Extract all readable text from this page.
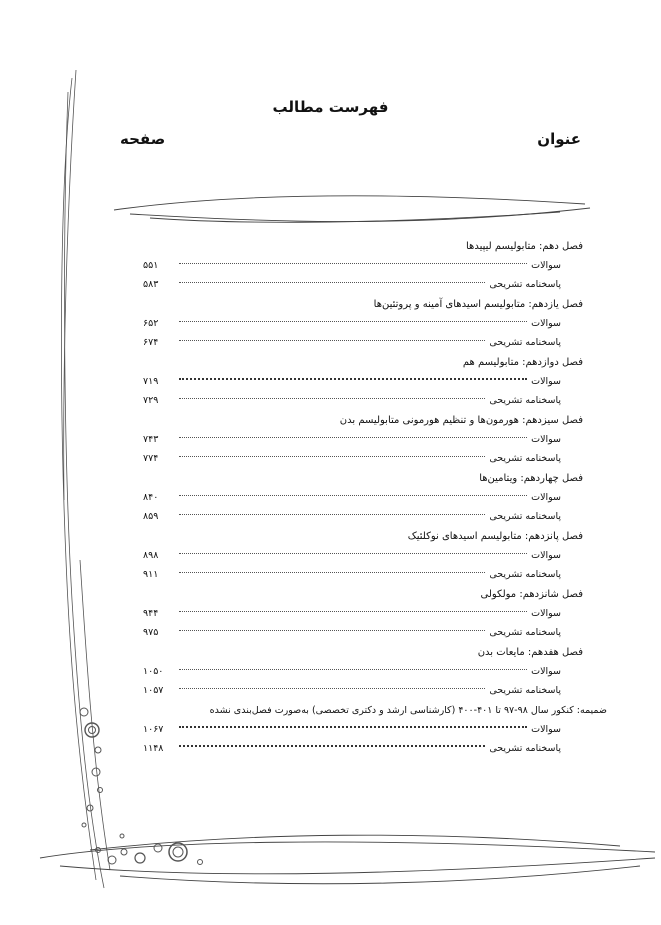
فهرست مطالب
عنوان
صفحه
فصل دهم: متابولیسم لیپیدها
سوالات
۵۵۱
پاسخنامه تشریحی
۵۸۳
فصل یازدهم: متابولیسم اسیدهای آمینه و پروتئین‌ها
سوالات
۶۵۲
پاسخنامه تشریحی
۶۷۴
فصل دوازدهم: متابولیسم هم
سوالات
۷۱۹
پاسخنامه تشریحی
۷۲۹
فصل سیزدهم: هورمون‌ها و تنظیم هورمونی متابولیسم بدن
سوالات
۷۴۳
پاسخنامه تشریحی
۷۷۴
فصل چهاردهم: ویتامین‌ها
سوالات
۸۴۰
پاسخنامه تشریحی
۸۵۹
فصل پانزدهم: متابولیسم اسیدهای نوکلئیک
سوالات
۸۹۸
پاسخنامه تشریحی
۹۱۱
فصل شانزدهم: مولکولی
سوالات
۹۴۴
پاسخنامه تشریحی
۹۷۵
فصل هفدهم: مایعات بدن
سوالات
۱۰۵۰
پاسخنامه تشریحی
۱۰۵۷
ضمیمه: کنکور سال ۹۸-۹۷ تا ۴۰۱-۴۰۰ (کارشناسی ارشد و دکتری تخصصی) به‌صورت فصل‌بندی نشده
سوالات
۱۰۶۷
پاسخنامه تشریحی
۱۱۴۸
